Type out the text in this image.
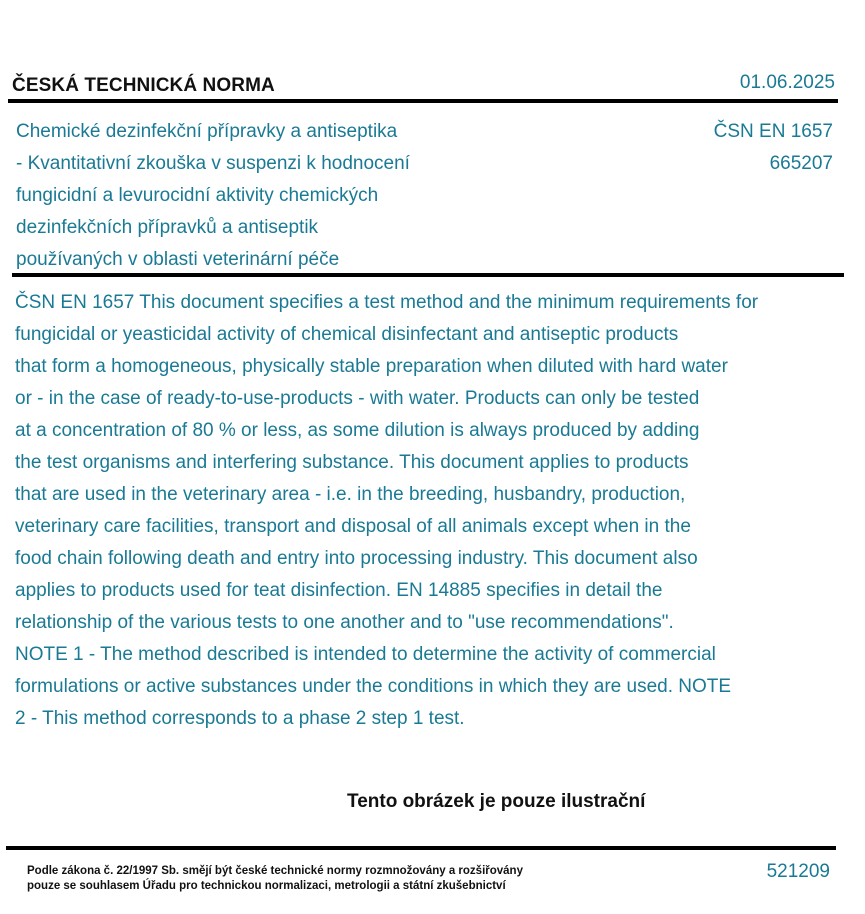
ČESKÁ TECHNICKÁ NORMA	01.06.2025
Chemické dezinfekční přípravky a antiseptika
- Kvantitativní zkouška v suspenzi k hodnocení
fungicidní a levurocidní aktivity chemických
dezinfekčních přípravků a antiseptik
používaných v oblasti veterinární péče
ČSN EN 1657
665207
ČSN EN 1657 This document specifies a test method and the minimum requirements for
fungicidal or yeasticidal activity of chemical disinfectant and antiseptic products
that form a homogeneous, physically stable preparation when diluted with hard water
or - in the case of ready-to-use-products - with water. Products can only be tested
at a concentration of 80 % or less, as some dilution is always produced by adding
the test organisms and interfering substance. This document applies to products
that are used in the veterinary area - i.e. in the breeding, husbandry, production,
veterinary care facilities, transport and disposal of all animals except when in the
food chain following death and entry into processing industry. This document also
applies to products used for teat disinfection. EN 14885 specifies in detail the
relationship of the various tests to one another and to "use recommendations".
NOTE 1 - The method described is intended to determine the activity of commercial
formulations or active substances under the conditions in which they are used. NOTE
2 - This method corresponds to a phase 2 step 1 test.
Tento obrázek je pouze ilustrační
Podle zákona č. 22/1997 Sb. smějí být české technické normy rozmnožovány a rozšiřovány
pouze se souhlasem Úřadu pro technickou normalizaci, metrologii a státní zkušebnictví
521209
